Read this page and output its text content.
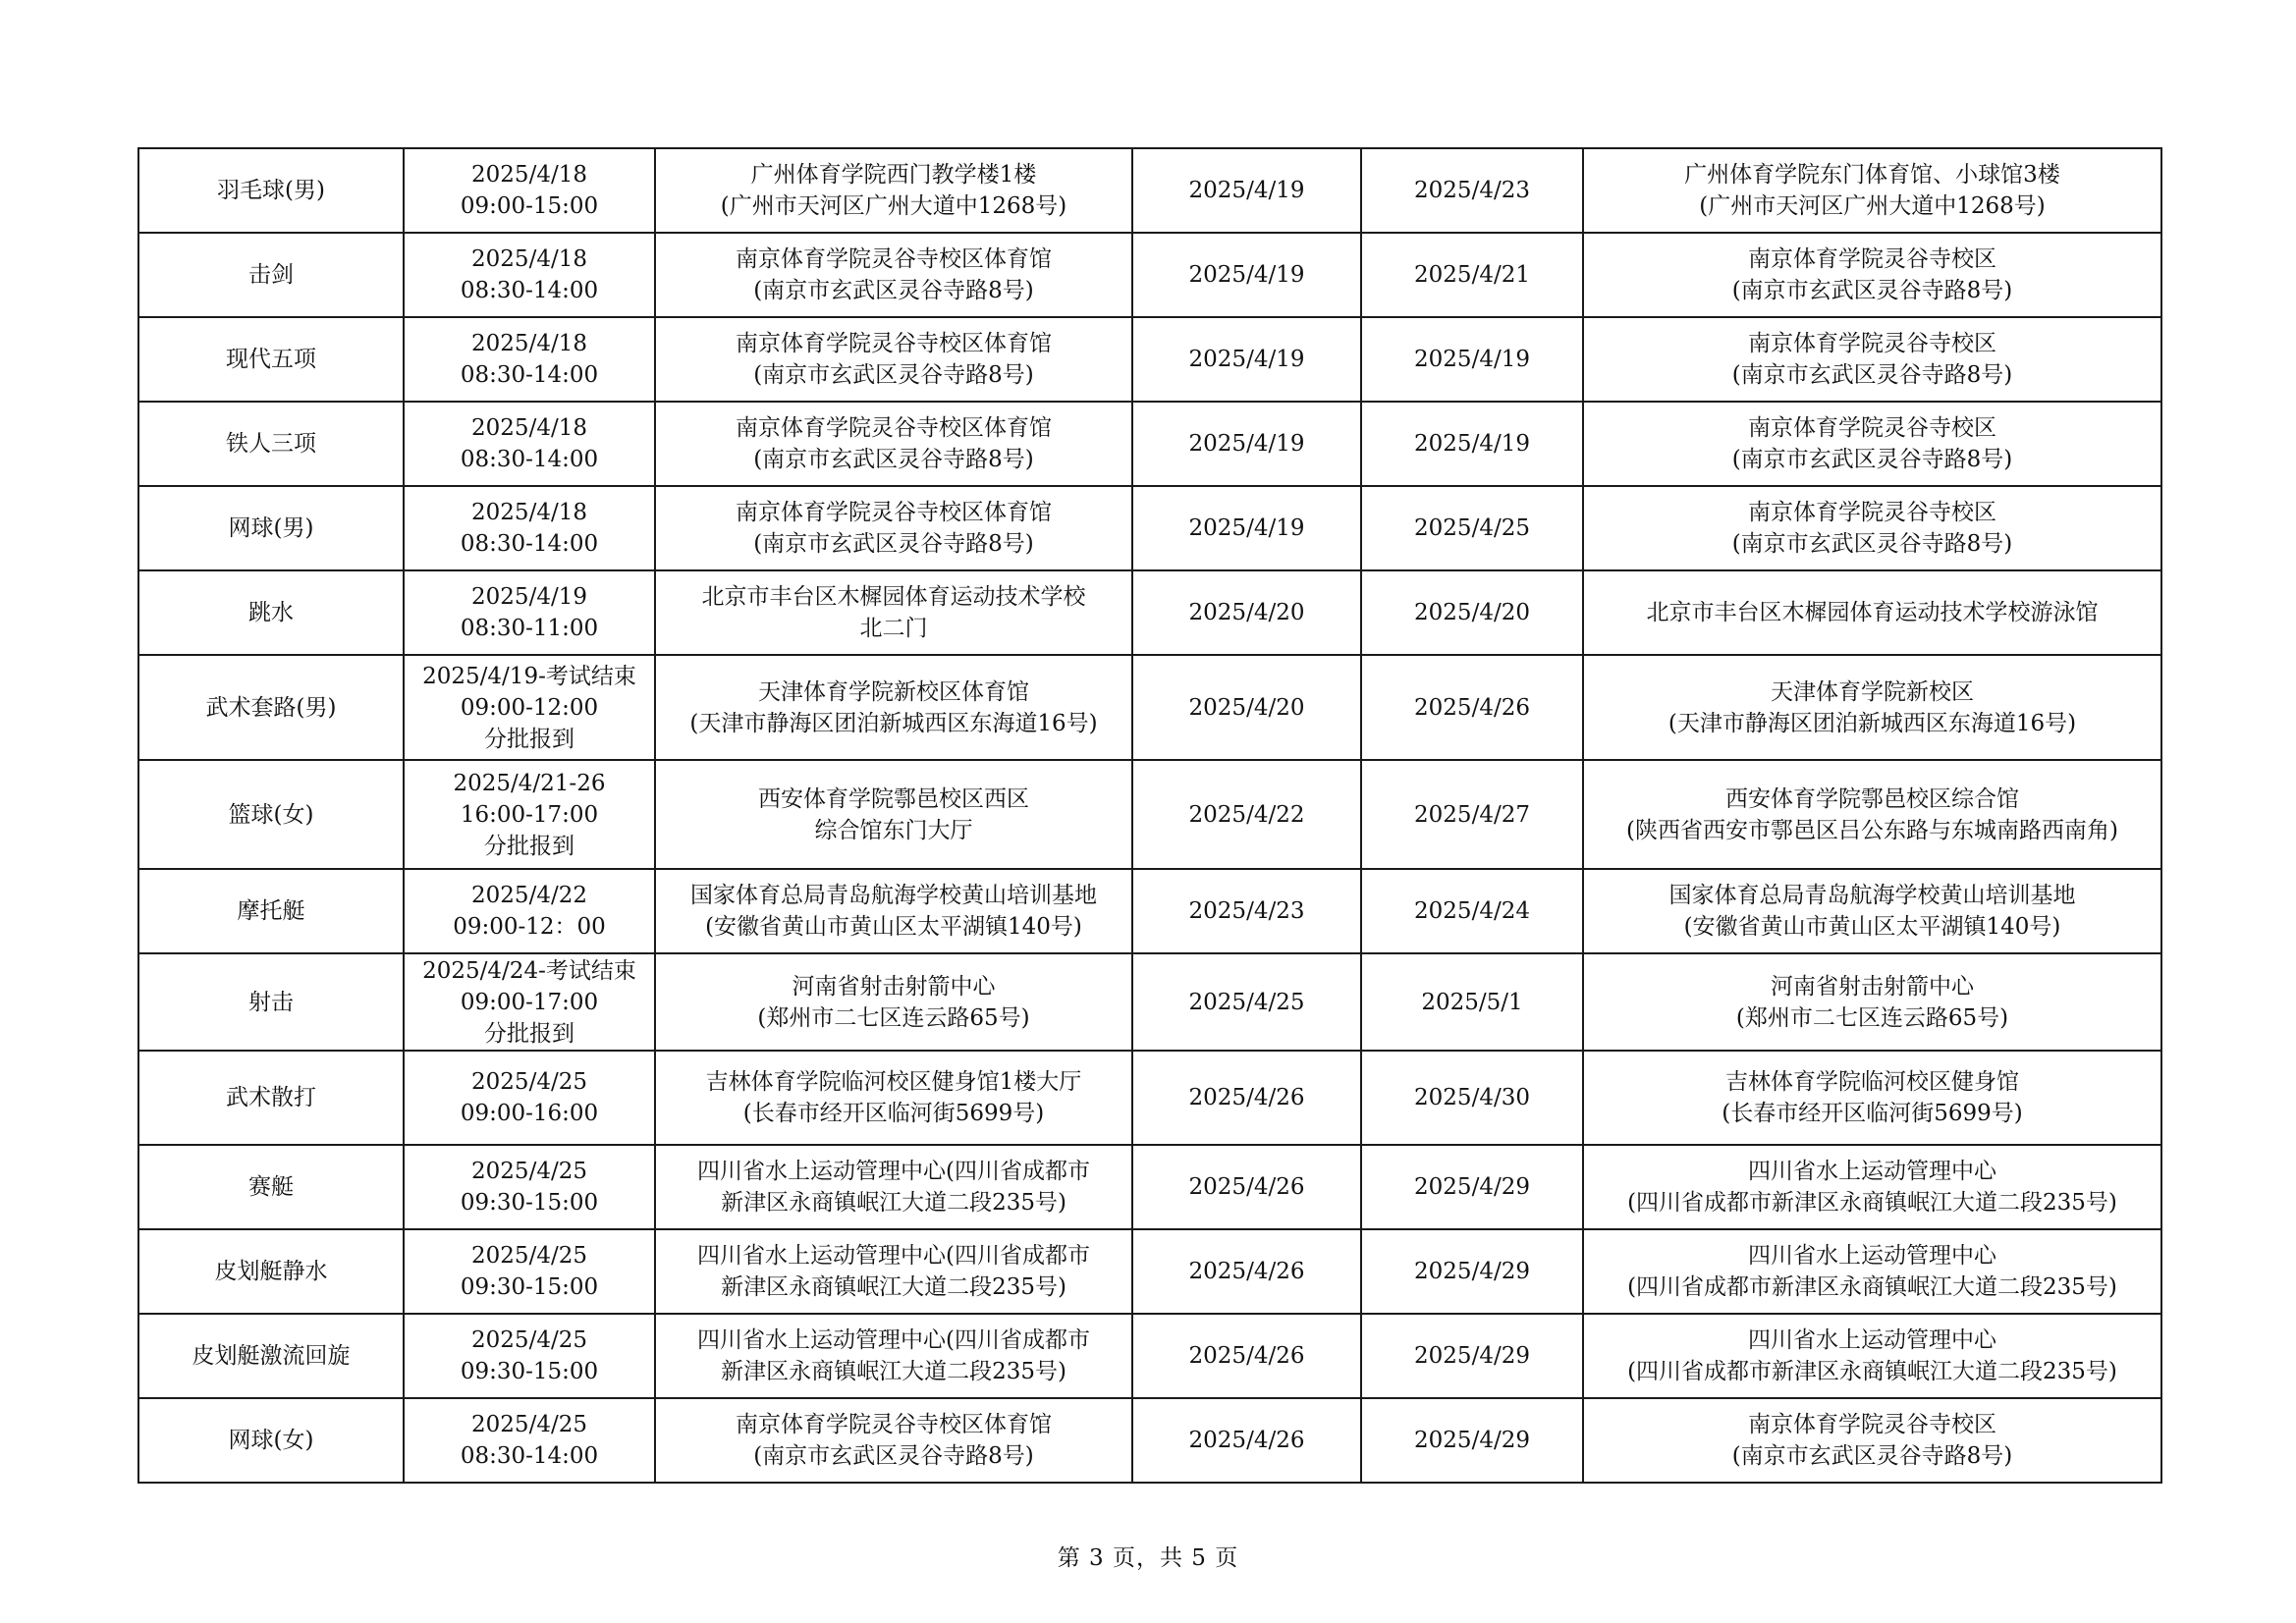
羽毛球(男)	2025/4/18
09:00-15:00	广州体育学院西门教学楼1楼
(广州市天河区广州大道中1268号)	2025/4/19	2025/4/23	广州体育学院东门体育馆、小球馆3楼
(广州市天河区广州大道中1268号)

击剑	2025/4/18
08:30-14:00	南京体育学院灵谷寺校区体育馆
(南京市玄武区灵谷寺路8号)	2025/4/19	2025/4/21	南京体育学院灵谷寺校区
(南京市玄武区灵谷寺路8号)

现代五项	2025/4/18
08:30-14:00	南京体育学院灵谷寺校区体育馆
(南京市玄武区灵谷寺路8号)	2025/4/19	2025/4/19	南京体育学院灵谷寺校区
(南京市玄武区灵谷寺路8号)

铁人三项	2025/4/18
08:30-14:00	南京体育学院灵谷寺校区体育馆
(南京市玄武区灵谷寺路8号)	2025/4/19	2025/4/19	南京体育学院灵谷寺校区
(南京市玄武区灵谷寺路8号)

网球(男)	2025/4/18
08:30-14:00	南京体育学院灵谷寺校区体育馆
(南京市玄武区灵谷寺路8号)	2025/4/19	2025/4/25	南京体育学院灵谷寺校区
(南京市玄武区灵谷寺路8号)

跳水	2025/4/19
08:30-11:00	北京市丰台区木樨园体育运动技术学校
北二门	2025/4/20	2025/4/20	北京市丰台区木樨园体育运动技术学校游泳馆

武术套路(男)	2025/4/19-考试结束
09:00-12:00
分批报到	天津体育学院新校区体育馆
(天津市静海区团泊新城西区东海道16号)	2025/4/20	2025/4/26	天津体育学院新校区
(天津市静海区团泊新城西区东海道16号)

篮球(女)	2025/4/21-26
16:00-17:00
分批报到	西安体育学院鄠邑校区西区
综合馆东门大厅	2025/4/22	2025/4/27	西安体育学院鄠邑校区综合馆
(陕西省西安市鄠邑区吕公东路与东城南路西南角)

摩托艇	2025/4/22
09:00-12：00	国家体育总局青岛航海学校黄山培训基地
(安徽省黄山市黄山区太平湖镇140号)	2025/4/23	2025/4/24	国家体育总局青岛航海学校黄山培训基地
(安徽省黄山市黄山区太平湖镇140号)

射击	2025/4/24-考试结束
09:00-17:00
分批报到	河南省射击射箭中心
(郑州市二七区连云路65号)	2025/4/25	2025/5/1	河南省射击射箭中心
(郑州市二七区连云路65号)

武术散打	2025/4/25
09:00-16:00	吉林体育学院临河校区健身馆1楼大厅
(长春市经开区临河街5699号)	2025/4/26	2025/4/30	吉林体育学院临河校区健身馆
(长春市经开区临河街5699号)

赛艇	2025/4/25
09:30-15:00	四川省水上运动管理中心(四川省成都市
新津区永商镇岷江大道二段235号)	2025/4/26	2025/4/29	四川省水上运动管理中心
(四川省成都市新津区永商镇岷江大道二段235号)

皮划艇静水	2025/4/25
09:30-15:00	四川省水上运动管理中心(四川省成都市
新津区永商镇岷江大道二段235号)	2025/4/26	2025/4/29	四川省水上运动管理中心
(四川省成都市新津区永商镇岷江大道二段235号)

皮划艇激流回旋	2025/4/25
09:30-15:00	四川省水上运动管理中心(四川省成都市
新津区永商镇岷江大道二段235号)	2025/4/26	2025/4/29	四川省水上运动管理中心
(四川省成都市新津区永商镇岷江大道二段235号)

网球(女)	2025/4/25
08:30-14:00	南京体育学院灵谷寺校区体育馆
(南京市玄武区灵谷寺路8号)	2025/4/26	2025/4/29	南京体育学院灵谷寺校区
(南京市玄武区灵谷寺路8号)
第 3 页，共 5 页
